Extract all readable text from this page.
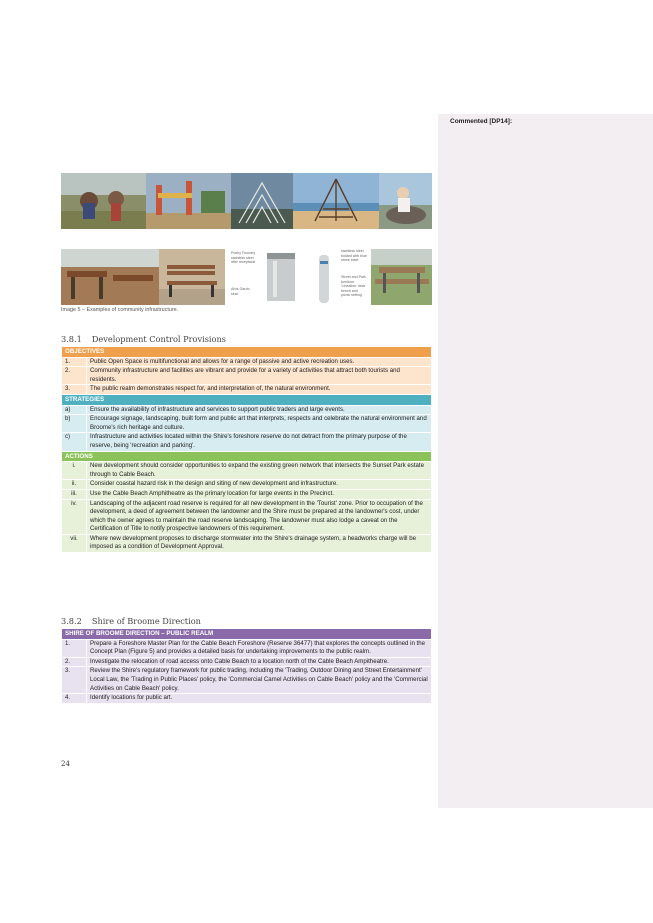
Commented [DP14]:
Pushy Foundry stainless steel litter receptacle
Alvis Gardo seat
stainless steel bollard with blue stone inset
Street and Park furniture 'Linealine' deck bench and picnic setting
Image 5 – Examples of community infrastructure.
3.8.1 Development Control Provisions
OBJECTIVES	
1.	Public Open Space is multifunctional and allows for a range of passive and active recreation uses.
2.	Community infrastructure and facilities are vibrant and provide for a variety of activities that attract both tourists and residents.
3.	The public realm demonstrates respect for, and interpretation of, the natural environment.
STRATEGIES	
a)	Ensure the availability of infrastructure and services to support public traders and large events.
b)	Encourage signage, landscaping, built form and public art that interprets, respects and celebrate the natural environment and Broome's rich heritage and culture.
c)	Infrastructure and activities located within the Shire's foreshore reserve do not detract from the primary purpose of the reserve, being 'recreation and parking'.
ACTIONS	
i.	New development should consider opportunities to expand the existing green network that intersects the Sunset Park estate through to Cable Beach.
ii.	Consider coastal hazard risk in the design and siting of new development and infrastructure.
iii.	Use the Cable Beach Amphitheatre as the primary location for large events in the Precinct.
iv.	Landscaping of the adjacent road reserve is required for all new development in the 'Tourist' zone. Prior to occupation of the development, a deed of agreement between the landowner and the Shire must be prepared at the landowner's cost, under which the owner agrees to maintain the road reserve landscaping. The landowner must also lodge a caveat on the Certification of Title to notify prospective landowners of this requirement.
vii.	Where new development proposes to discharge stormwater into the Shire's drainage system, a headworks charge will be imposed as a condition of Development Approval.
3.8.2 Shire of Broome Direction
SHIRE OF BROOME DIRECTION – PUBLIC REALM	
1.	Prepare a Foreshore Master Plan for the Cable Beach Foreshore (Reserve 36477) that explores the concepts outlined in the Concept Plan (Figure 5) and provides a detailed basis for undertaking improvements to the public realm.
2.	Investigate the relocation of road access onto Cable Beach to a location north of the Cable Beach Ampitheatre.
3.	Review the Shire's regulatory framework for public trading, including the 'Trading, Outdoor Dining and Street Entertainment' Local Law, the 'Trading in Public Places' policy, the 'Commercial Camel Activities on Cable Beach' policy and the 'Commercial Activities on Cable Beach' policy.
4.	Identify locations for public art.
24
